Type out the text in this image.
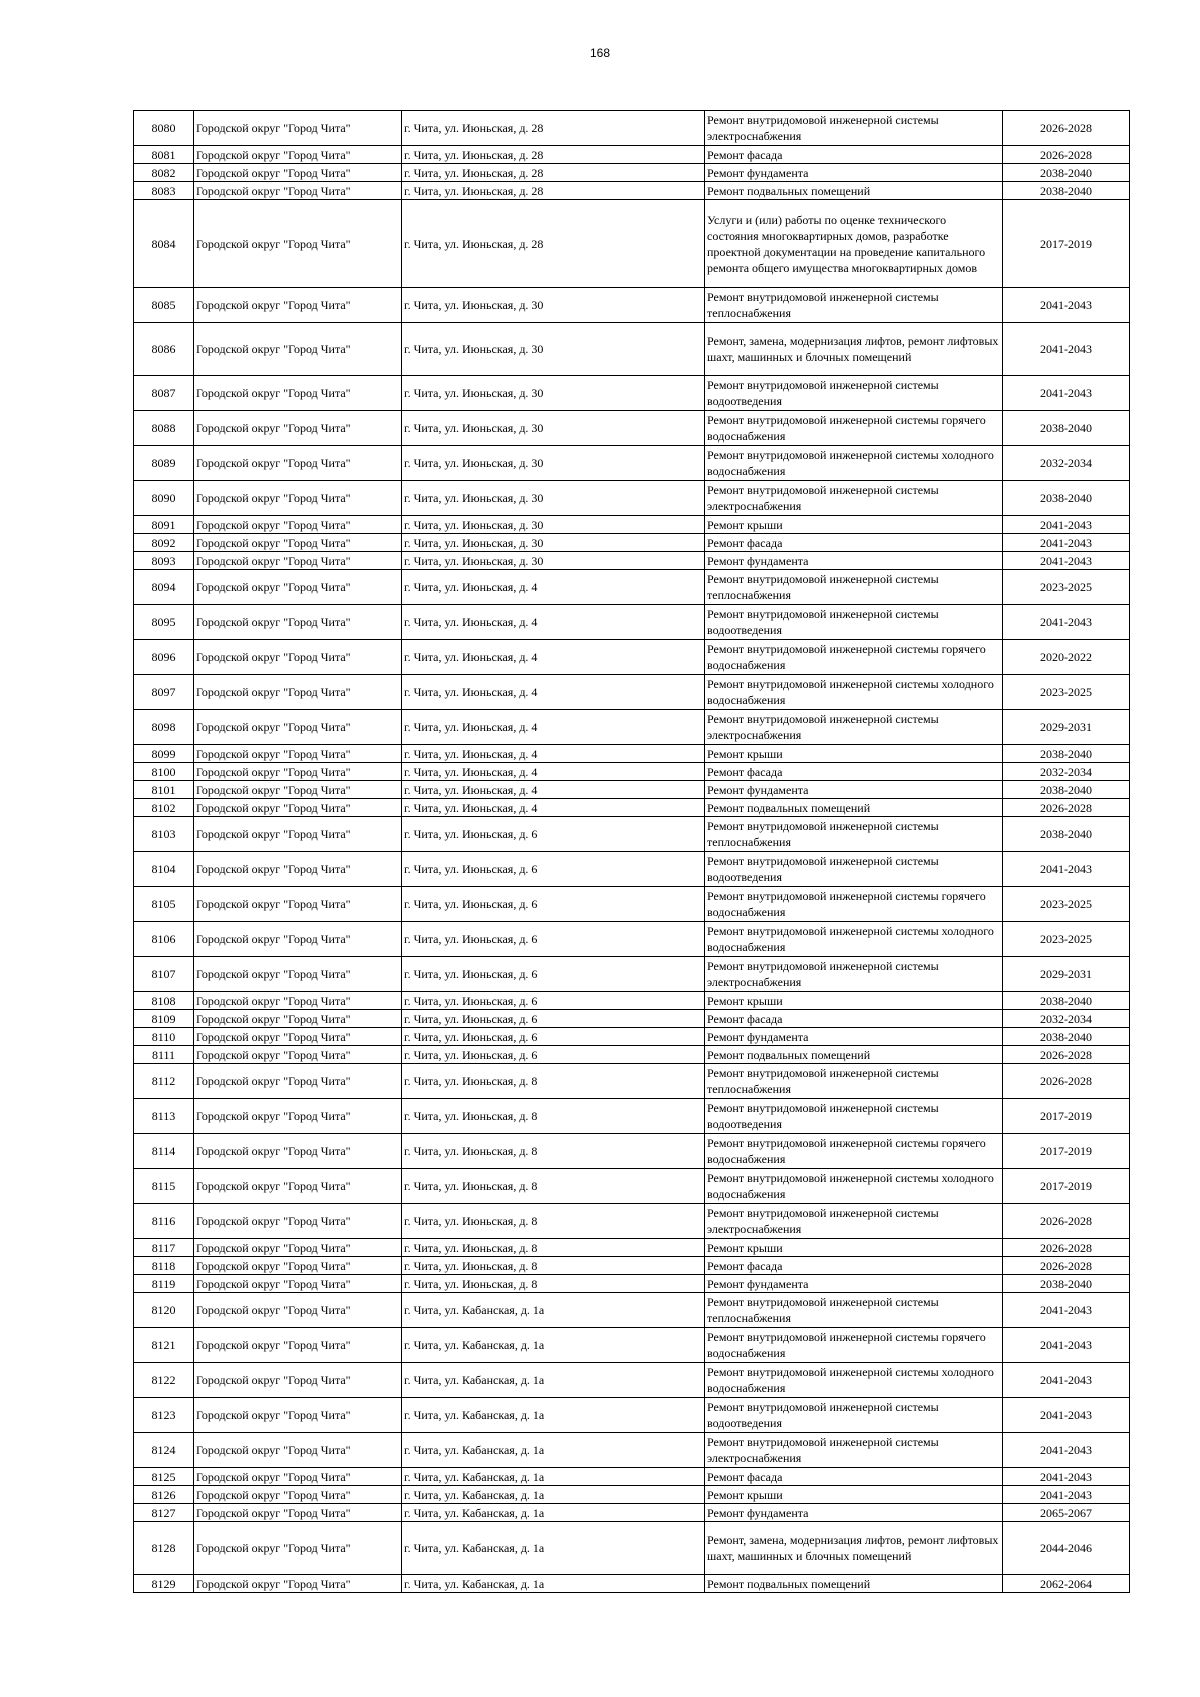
168
8080	Городской округ "Город Чита"	г. Чита, ул. Июньская, д. 28	Ремонт внутридомовой инженерной системы электроснабжения	2026-2028
8081	Городской округ "Город Чита"	г. Чита, ул. Июньская, д. 28	Ремонт фасада	2026-2028
8082	Городской округ "Город Чита"	г. Чита, ул. Июньская, д. 28	Ремонт фундамента	2038-2040
8083	Городской округ "Город Чита"	г. Чита, ул. Июньская, д. 28	Ремонт подвальных помещений	2038-2040
8084	Городской округ "Город Чита"	г. Чита, ул. Июньская, д. 28	Услуги и (или) работы по оценке технического состояния многоквартирных домов, разработке проектной документации на проведение капитального ремонта общего имущества многоквартирных домов	2017-2019
8085	Городской округ "Город Чита"	г. Чита, ул. Июньская, д. 30	Ремонт внутридомовой инженерной системы теплоснабжения	2041-2043
8086	Городской округ "Город Чита"	г. Чита, ул. Июньская, д. 30	Ремонт, замена, модернизация лифтов, ремонт лифтовых шахт, машинных и блочных помещений	2041-2043
8087	Городской округ "Город Чита"	г. Чита, ул. Июньская, д. 30	Ремонт внутридомовой инженерной системы водоотведения	2041-2043
8088	Городской округ "Город Чита"	г. Чита, ул. Июньская, д. 30	Ремонт внутридомовой инженерной системы горячего водоснабжения	2038-2040
8089	Городской округ "Город Чита"	г. Чита, ул. Июньская, д. 30	Ремонт внутридомовой инженерной системы холодного водоснабжения	2032-2034
8090	Городской округ "Город Чита"	г. Чита, ул. Июньская, д. 30	Ремонт внутридомовой инженерной системы электроснабжения	2038-2040
8091	Городской округ "Город Чита"	г. Чита, ул. Июньская, д. 30	Ремонт крыши	2041-2043
8092	Городской округ "Город Чита"	г. Чита, ул. Июньская, д. 30	Ремонт фасада	2041-2043
8093	Городской округ "Город Чита"	г. Чита, ул. Июньская, д. 30	Ремонт фундамента	2041-2043
8094	Городской округ "Город Чита"	г. Чита, ул. Июньская, д. 4	Ремонт внутридомовой инженерной системы теплоснабжения	2023-2025
8095	Городской округ "Город Чита"	г. Чита, ул. Июньская, д. 4	Ремонт внутридомовой инженерной системы водоотведения	2041-2043
8096	Городской округ "Город Чита"	г. Чита, ул. Июньская, д. 4	Ремонт внутридомовой инженерной системы горячего водоснабжения	2020-2022
8097	Городской округ "Город Чита"	г. Чита, ул. Июньская, д. 4	Ремонт внутридомовой инженерной системы холодного водоснабжения	2023-2025
8098	Городской округ "Город Чита"	г. Чита, ул. Июньская, д. 4	Ремонт внутридомовой инженерной системы электроснабжения	2029-2031
8099	Городской округ "Город Чита"	г. Чита, ул. Июньская, д. 4	Ремонт крыши	2038-2040
8100	Городской округ "Город Чита"	г. Чита, ул. Июньская, д. 4	Ремонт фасада	2032-2034
8101	Городской округ "Город Чита"	г. Чита, ул. Июньская, д. 4	Ремонт фундамента	2038-2040
8102	Городской округ "Город Чита"	г. Чита, ул. Июньская, д. 4	Ремонт подвальных помещений	2026-2028
8103	Городской округ "Город Чита"	г. Чита, ул. Июньская, д. 6	Ремонт внутридомовой инженерной системы теплоснабжения	2038-2040
8104	Городской округ "Город Чита"	г. Чита, ул. Июньская, д. 6	Ремонт внутридомовой инженерной системы водоотведения	2041-2043
8105	Городской округ "Город Чита"	г. Чита, ул. Июньская, д. 6	Ремонт внутридомовой инженерной системы горячего водоснабжения	2023-2025
8106	Городской округ "Город Чита"	г. Чита, ул. Июньская, д. 6	Ремонт внутридомовой инженерной системы холодного водоснабжения	2023-2025
8107	Городской округ "Город Чита"	г. Чита, ул. Июньская, д. 6	Ремонт внутридомовой инженерной системы электроснабжения	2029-2031
8108	Городской округ "Город Чита"	г. Чита, ул. Июньская, д. 6	Ремонт крыши	2038-2040
8109	Городской округ "Город Чита"	г. Чита, ул. Июньская, д. 6	Ремонт фасада	2032-2034
8110	Городской округ "Город Чита"	г. Чита, ул. Июньская, д. 6	Ремонт фундамента	2038-2040
8111	Городской округ "Город Чита"	г. Чита, ул. Июньская, д. 6	Ремонт подвальных помещений	2026-2028
8112	Городской округ "Город Чита"	г. Чита, ул. Июньская, д. 8	Ремонт внутридомовой инженерной системы теплоснабжения	2026-2028
8113	Городской округ "Город Чита"	г. Чита, ул. Июньская, д. 8	Ремонт внутридомовой инженерной системы водоотведения	2017-2019
8114	Городской округ "Город Чита"	г. Чита, ул. Июньская, д. 8	Ремонт внутридомовой инженерной системы горячего водоснабжения	2017-2019
8115	Городской округ "Город Чита"	г. Чита, ул. Июньская, д. 8	Ремонт внутридомовой инженерной системы холодного водоснабжения	2017-2019
8116	Городской округ "Город Чита"	г. Чита, ул. Июньская, д. 8	Ремонт внутридомовой инженерной системы электроснабжения	2026-2028
8117	Городской округ "Город Чита"	г. Чита, ул. Июньская, д. 8	Ремонт крыши	2026-2028
8118	Городской округ "Город Чита"	г. Чита, ул. Июньская, д. 8	Ремонт фасада	2026-2028
8119	Городской округ "Город Чита"	г. Чита, ул. Июньская, д. 8	Ремонт фундамента	2038-2040
8120	Городской округ "Город Чита"	г. Чита, ул. Кабанская, д. 1а	Ремонт внутридомовой инженерной системы теплоснабжения	2041-2043
8121	Городской округ "Город Чита"	г. Чита, ул. Кабанская, д. 1а	Ремонт внутридомовой инженерной системы горячего водоснабжения	2041-2043
8122	Городской округ "Город Чита"	г. Чита, ул. Кабанская, д. 1а	Ремонт внутридомовой инженерной системы холодного водоснабжения	2041-2043
8123	Городской округ "Город Чита"	г. Чита, ул. Кабанская, д. 1а	Ремонт внутридомовой инженерной системы водоотведения	2041-2043
8124	Городской округ "Город Чита"	г. Чита, ул. Кабанская, д. 1а	Ремонт внутридомовой инженерной системы электроснабжения	2041-2043
8125	Городской округ "Город Чита"	г. Чита, ул. Кабанская, д. 1а	Ремонт фасада	2041-2043
8126	Городской округ "Город Чита"	г. Чита, ул. Кабанская, д. 1а	Ремонт крыши	2041-2043
8127	Городской округ "Город Чита"	г. Чита, ул. Кабанская, д. 1а	Ремонт фундамента	2065-2067
8128	Городской округ "Город Чита"	г. Чита, ул. Кабанская, д. 1а	Ремонт, замена, модернизация лифтов, ремонт лифтовых шахт, машинных и блочных помещений	2044-2046
8129	Городской округ "Город Чита"	г. Чита, ул. Кабанская, д. 1а	Ремонт подвальных помещений	2062-2064
